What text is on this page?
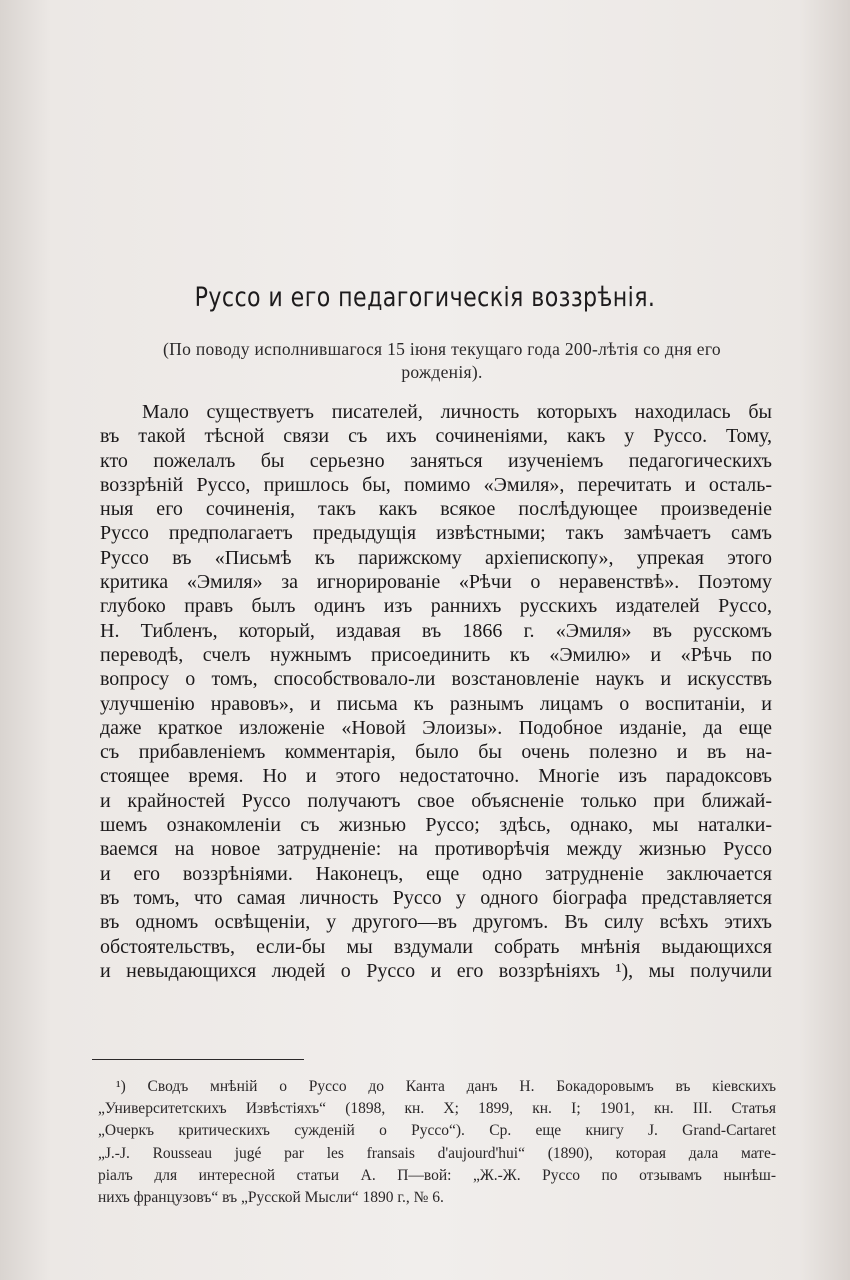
Руссо и его педагогическія воззрѣнія.
(По поводу исполнившагося 15 іюня текущаго года 200-лѣтія со дня его
рожденія).
Мало существуетъ писателей, личность которыхъ находилась бы
въ такой тѣсной связи съ ихъ сочиненіями, какъ у Руссо. Тому,
кто пожелалъ бы серьезно заняться изученіемъ педагогическихъ
воззрѣній Руссо, пришлось бы, помимо «Эмиля», перечитать и осталь-
ныя его сочиненія, такъ какъ всякое послѣдующее произведеніе
Руссо предполагаетъ предыдущія извѣстными; такъ замѣчаетъ самъ
Руссо въ «Письмѣ къ парижскому архіепископу», упрекая этого
критика «Эмиля» за игнорированіе «Рѣчи о неравенствѣ». Поэтому
глубоко правъ былъ одинъ изъ раннихъ русскихъ издателей Руссо,
Н. Тибленъ, который, издавая въ 1866 г. «Эмиля» въ русскомъ
переводѣ, счелъ нужнымъ присоединить къ «Эмилю» и «Рѣчь по
вопросу о томъ, способствовало-ли возстановленіе наукъ и искусствъ
улучшенію нравовъ», и письма къ разнымъ лицамъ о воспитаніи, и
даже краткое изложеніе «Новой Элоизы». Подобное изданіе, да еще
съ прибавленіемъ комментарія, было бы очень полезно и въ на-
стоящее время. Но и этого недостаточно. Многіе изъ парадоксовъ
и крайностей Руссо получаютъ свое объясненіе только при ближай-
шемъ ознакомленіи съ жизнью Руссо; здѣсь, однако, мы наталки-
ваемся на новое затрудненіе: на противорѣчія между жизнью Руссо
и его воззрѣніями. Наконецъ, еще одно затрудненіе заключается
въ томъ, что самая личность Руссо у одного біографа представляется
въ одномъ освѣщеніи, у другого—въ другомъ. Въ силу всѣхъ этихъ
обстоятельствъ, если-бы мы вздумали собрать мнѣнія выдающихся
и невыдающихся людей о Руссо и его воззрѣніяхъ ¹), мы получили
¹) Сводъ мнѣній о Руссо до Канта данъ Н. Бокадоровымъ въ кіевскихъ
„Университетскихъ Извѣстіяхъ“ (1898, кн. X; 1899, кн. I; 1901, кн. III. Статья
„Очеркъ критическихъ сужденій о Руссо“). Ср. еще книгу J. Grand-Cartaret
„J.-J. Rousseau jugé par les fransais d'aujourd'hui“ (1890), которая дала мате-
ріалъ для интересной статьи А. П—вой: „Ж.-Ж. Руссо по отзывамъ нынѣш-
нихъ французовъ“ въ „Русской Мысли“ 1890 г., № 6.
